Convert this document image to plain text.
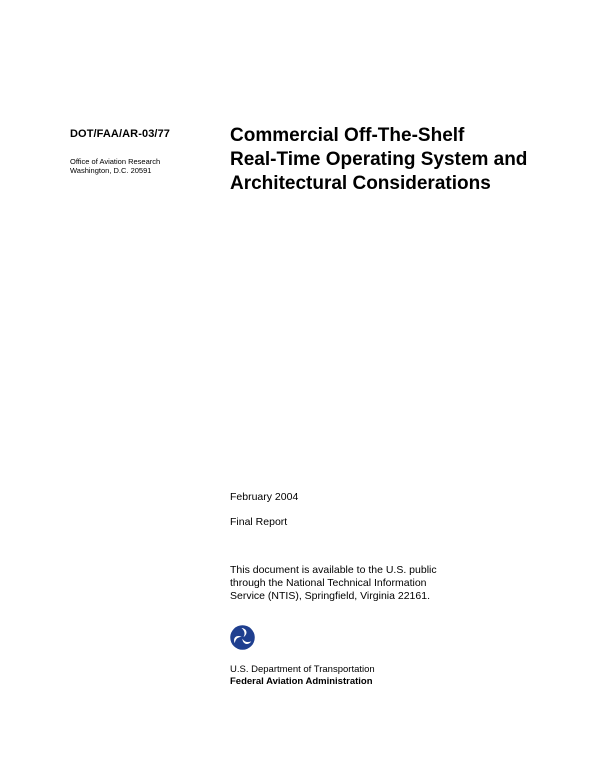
DOT/FAA/AR-03/77
Office of Aviation Research
Washington, D.C. 20591
Commercial Off-The-Shelf
Real-Time Operating System and
Architectural Considerations
February 2004
Final Report
This document is available to the U.S. public
through the National Technical Information
Service (NTIS), Springfield, Virginia 22161.
U.S. Department of Transportation
Federal Aviation Administration
